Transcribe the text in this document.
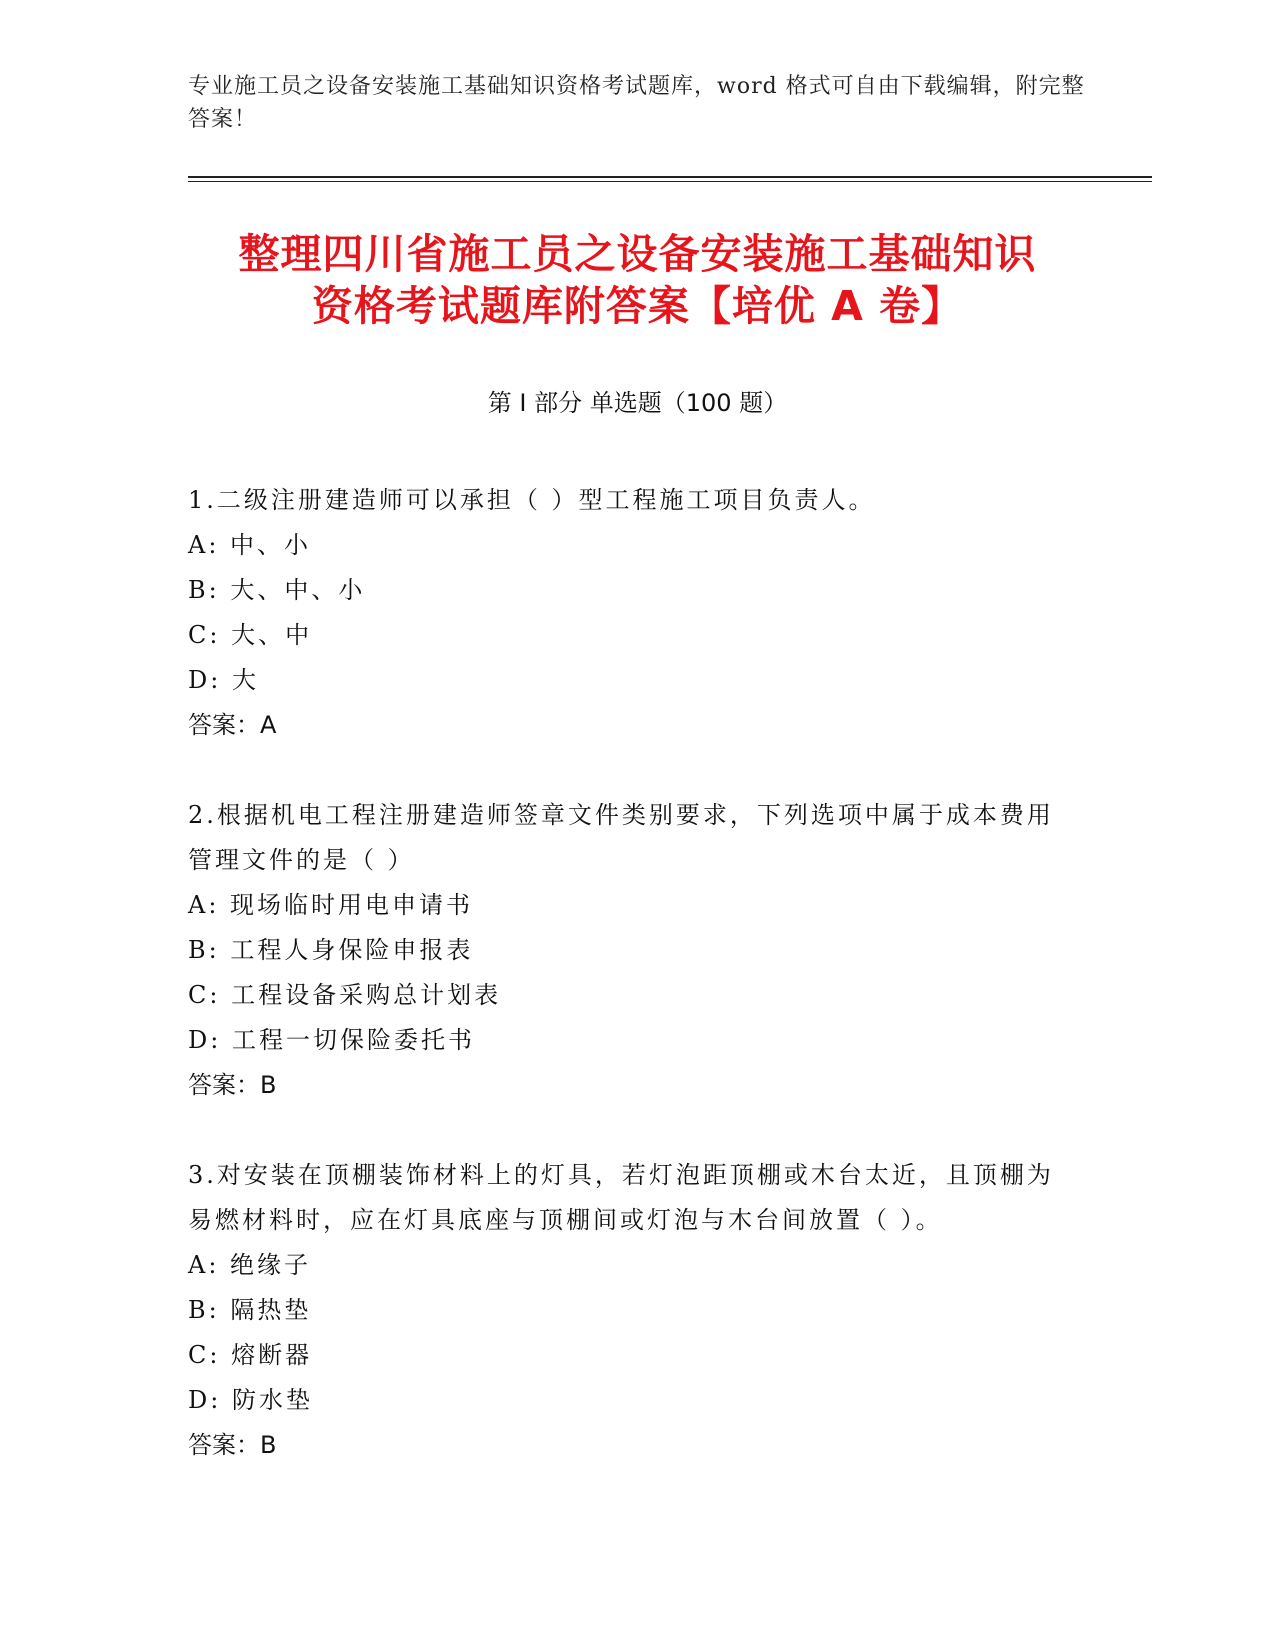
专业施工员之设备安装施工基础知识资格考试题库，word 格式可自由下载编辑，附完整答案！
整理四川省施工员之设备安装施工基础知识
资格考试题库附答案【培优 A 卷】
第 I 部分 单选题（100 题）
1.二级注册建造师可以承担（ ）型工程施工项目负责人。
A: 中、小
B: 大、中、小
C: 大、中
D: 大
答案：A
2.根据机电工程注册建造师签章文件类别要求，下列选项中属于成本费用管理文件的是（ ）
A: 现场临时用电申请书
B: 工程人身保险申报表
C: 工程设备采购总计划表
D: 工程一切保险委托书
答案：B
3.对安装在顶棚装饰材料上的灯具，若灯泡距顶棚或木台太近，且顶棚为易燃材料时，应在灯具底座与顶棚间或灯泡与木台间放置（ ）。
A: 绝缘子
B: 隔热垫
C: 熔断器
D: 防水垫
答案：B
